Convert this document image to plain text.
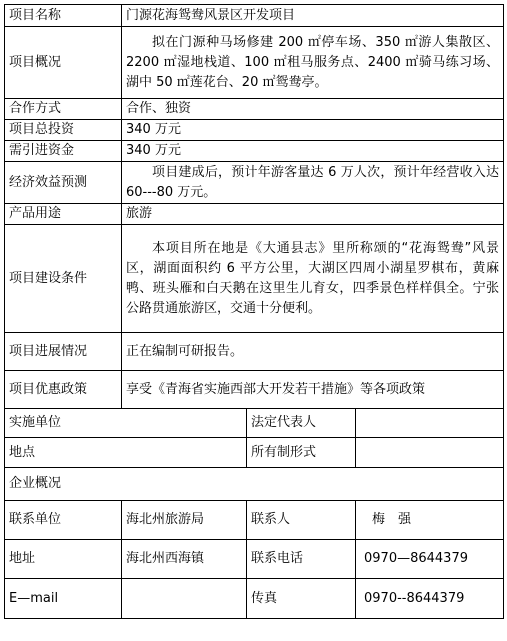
项目名称	门源花海鸳鸯风景区开发项目		
项目概况	拟在门源种马场修建 200 ㎡停车场、350 ㎡游人集散区、2200 ㎡湿地栈道、100 ㎡租马服务点、2400 ㎡骑马练习场、湖中 50 ㎡莲花台、20 ㎡鸳鸯亭。		
合作方式	合作、独资		
项目总投资	340 万元		
需引进资金	340 万元		
经济效益预测	项目建成后，预计年游客量达 6 万人次，预计年经营收入达 60---80 万元。		
产品用途	旅游		
项目建设条件	本项目所在地是《大通县志》里所称颂的“花海鸳鸯”风景区，湖面面积约 6 平方公里，大湖区四周小湖星罗棋布，黄麻鸭、班头雁和白天鹅在这里生儿育女，四季景色样样俱全。宁张公路贯通旅游区，交通十分便利。		
项目进展情况	正在编制可研报告。		
项目优惠政策	享受《青海省实施西部大开发若干措施》等各项政策		
实施单位		法定代表人	
地点		所有制形式	
企业概况			
联系单位	海北州旅游局	联系人	梅　强
地址	海北州西海镇	联系电话	0970—8644379
E—mail		传真	0970--8644379
